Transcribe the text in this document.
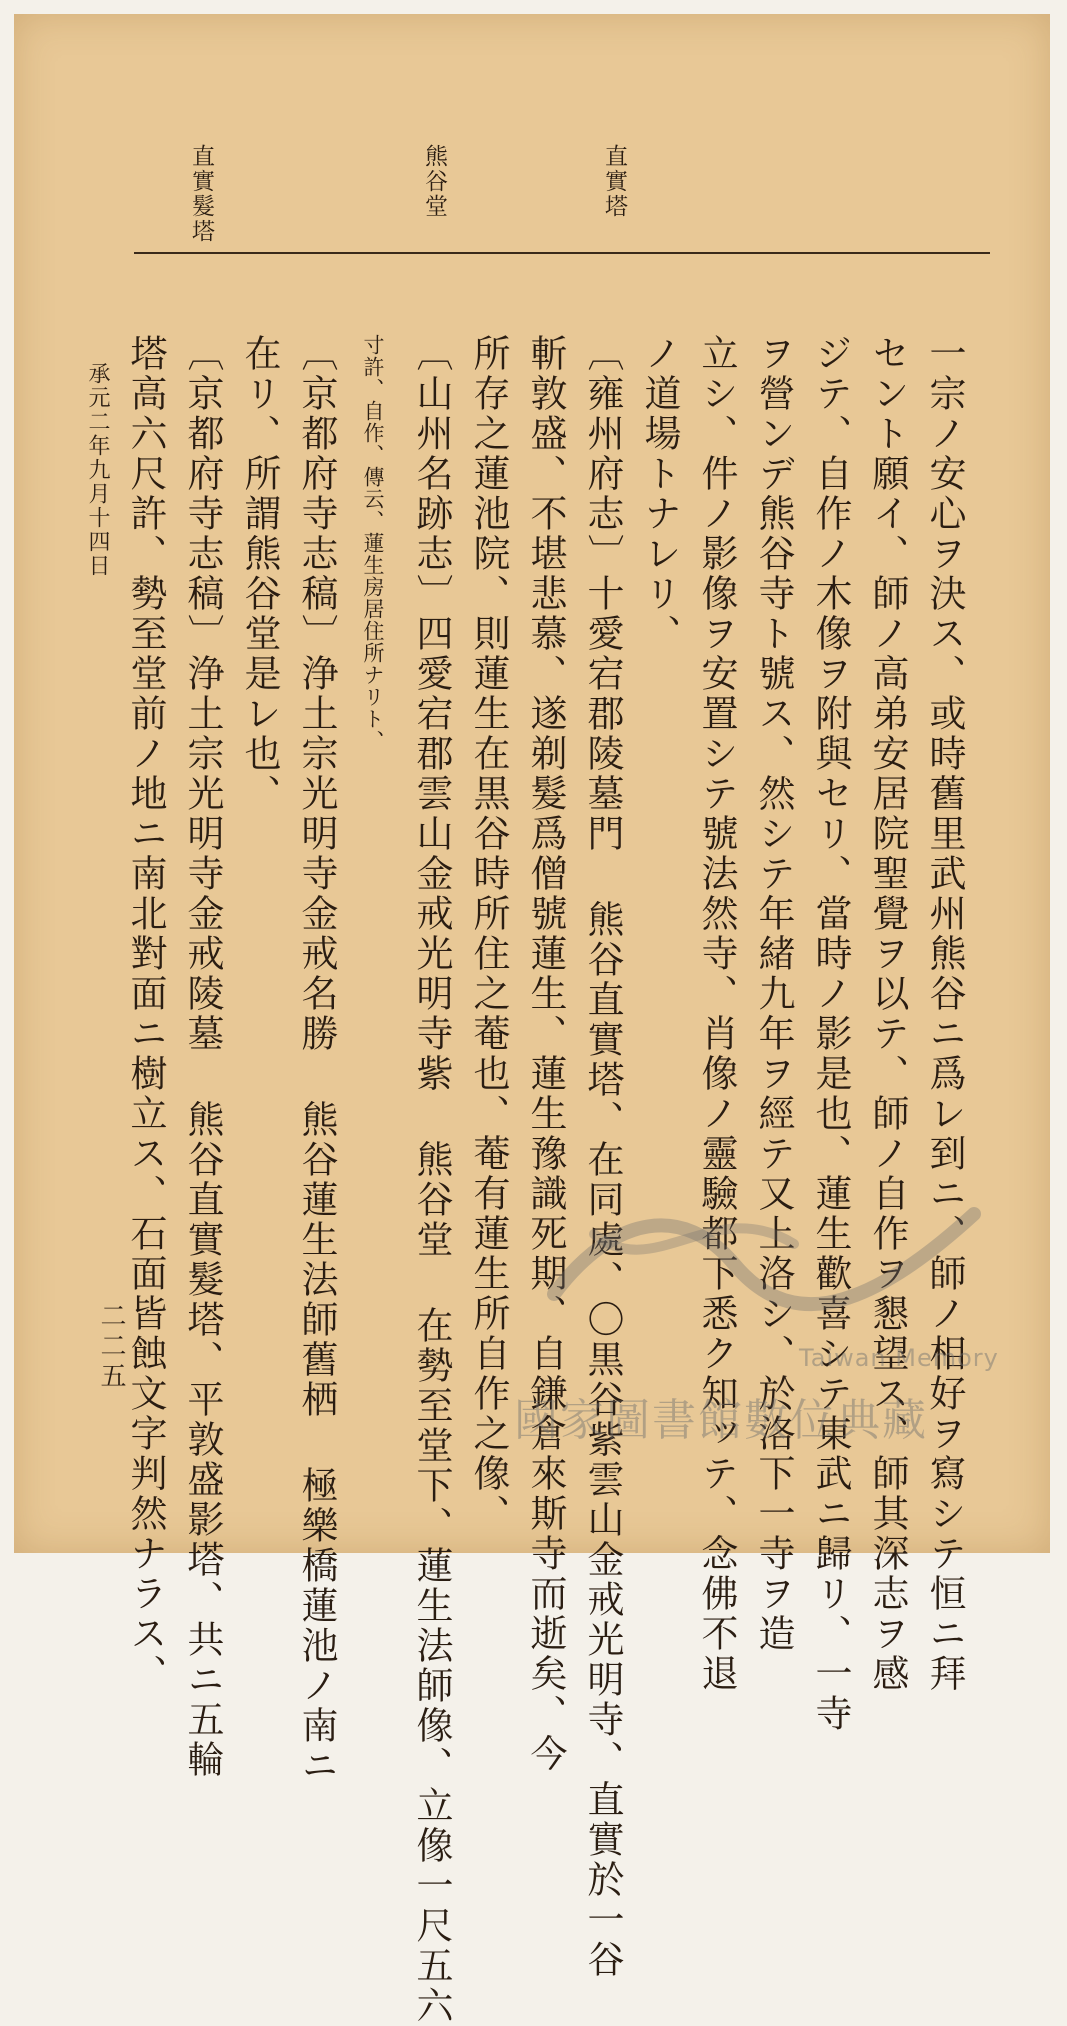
直實塔
熊谷堂
直實髮塔
一宗ノ安心ヲ決ス、或時舊里武州熊谷ニ爲レ到ニ、師ノ相好ヲ寫シテ恒ニ拜
セント願イ、師ノ高弟安居院聖覺ヲ以テ、師ノ自作ヲ懇望ス、師其深志ヲ感
ジテ、自作ノ木像ヲ附與セリ、當時ノ影是也、蓮生歡喜シテ東武ニ歸リ、一寺
ヲ營ンデ熊谷寺ト號ス、然シテ年緒九年ヲ經テ又上洛シ、於洛下一寺ヲ造
立シ、件ノ影像ヲ安置シテ號法然寺、肖像ノ靈驗都下悉ク知ッテ、念佛不退
ノ道場トナレリ、
〔雍州府志〕十愛宕郡陵墓門 熊谷直實塔、在同處、〇黒谷紫雲山金戒光明寺、直實於一谷
斬敦盛、不堪悲慕、遂剃髮爲僧號蓮生、蓮生豫識死期、自鎌倉來斯寺而逝矣、今
所存之蓮池院、則蓮生在黒谷時所住之菴也、菴有蓮生所自作之像、
〔山州名跡志〕四愛宕郡雲山金戒光明寺紫 熊谷堂 在勢至堂下、蓮生法師像、立像一尺五六
寸許、自作、傳云、蓮生房居住所ナリト、
〔京都府寺志稿〕浄土宗光明寺金戒名勝 熊谷蓮生法師舊栖 極樂橋蓮池ノ南ニ
在リ、所謂熊谷堂是レ也、
〔京都府寺志稿〕浄土宗光明寺金戒陵墓 熊谷直實髮塔、平敦盛影塔、共ニ五輪
塔高六尺許、勢至堂前ノ地ニ南北對面ニ樹立ス、石面皆蝕文字判然ナラス、
承元二年九月十四日
二二五	Taiwan Memory
國家圖書館數位典藏
